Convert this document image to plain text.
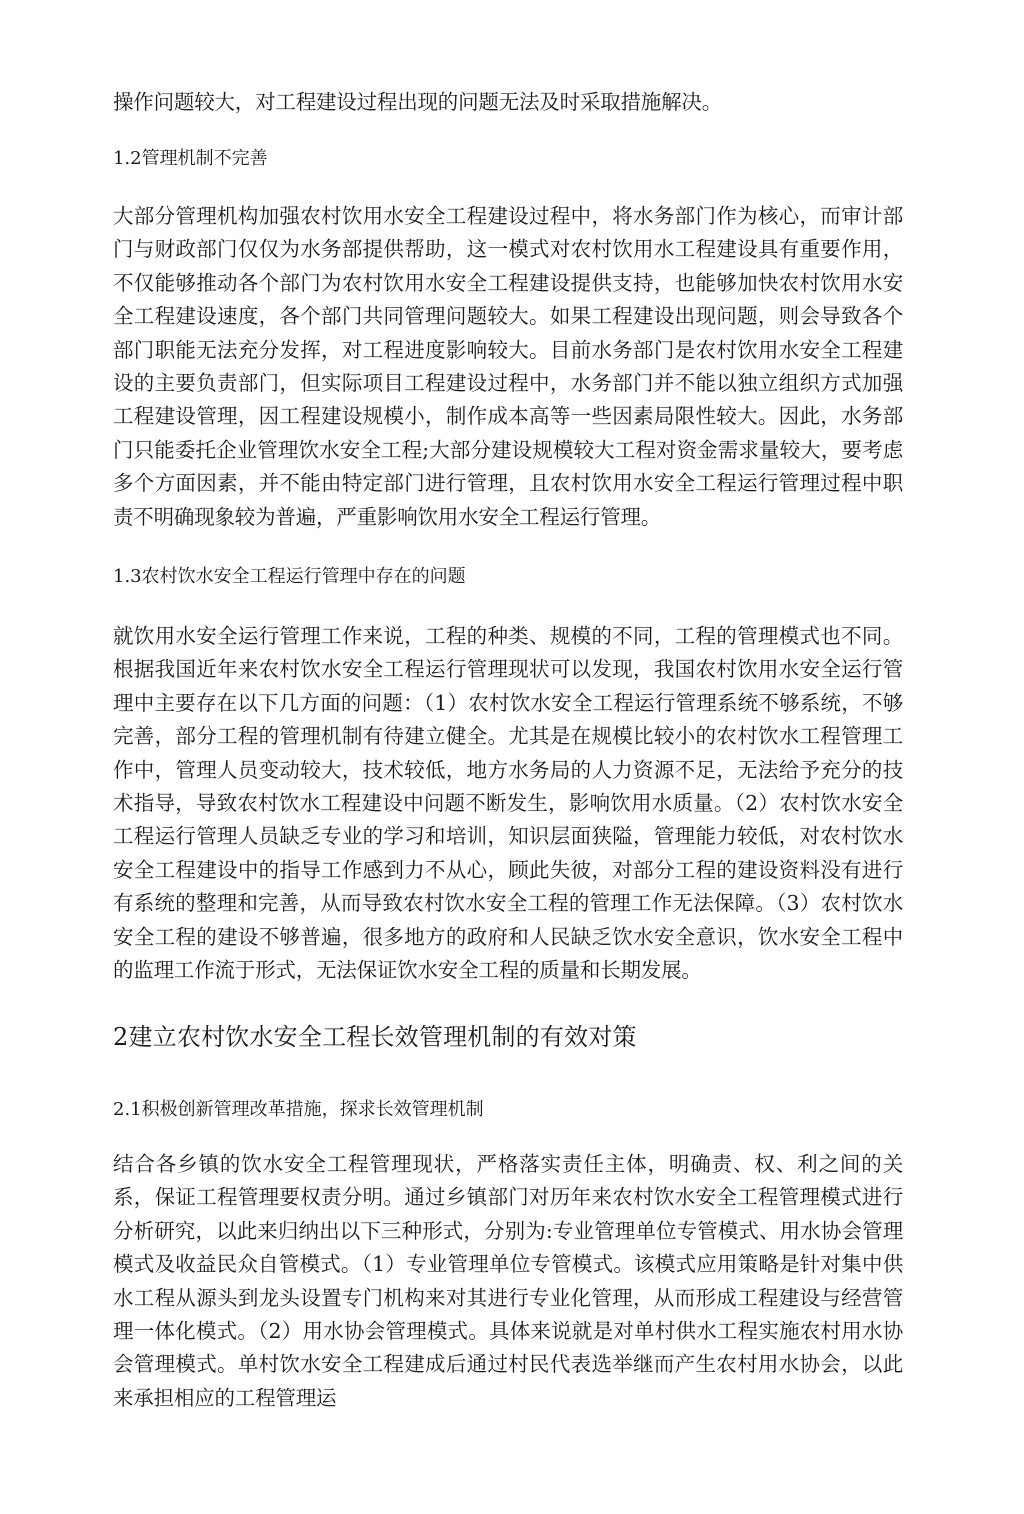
操作问题较大，对工程建设过程出现的问题无法及时采取措施解决。
1.2管理机制不完善
大部分管理机构加强农村饮用水安全工程建设过程中，将水务部门作为核心，而审计部门与财政部门仅仅为水务部提供帮助，这一模式对农村饮用水工程建设具有重要作用，不仅能够推动各个部门为农村饮用水安全工程建设提供支持，也能够加快农村饮用水安全工程建设速度，各个部门共同管理问题较大。如果工程建设出现问题，则会导致各个部门职能无法充分发挥，对工程进度影响较大。目前水务部门是农村饮用水安全工程建设的主要负责部门，但实际项目工程建设过程中，水务部门并不能以独立组织方式加强工程建设管理，因工程建设规模小，制作成本高等一些因素局限性较大。因此，水务部门只能委托企业管理饮水安全工程;大部分建设规模较大工程对资金需求量较大，要考虑多个方面因素，并不能由特定部门进行管理，且农村饮用水安全工程运行管理过程中职责不明确现象较为普遍，严重影响饮用水安全工程运行管理。
1.3农村饮水安全工程运行管理中存在的问题
就饮用水安全运行管理工作来说，工程的种类、规模的不同，工程的管理模式也不同。根据我国近年来农村饮水安全工程运行管理现状可以发现，我国农村饮用水安全运行管理中主要存在以下几方面的问题：（1）农村饮水安全工程运行管理系统不够系统，不够完善，部分工程的管理机制有待建立健全。尤其是在规模比较小的农村饮水工程管理工作中，管理人员变动较大，技术较低，地方水务局的人力资源不足，无法给予充分的技术指导，导致农村饮水工程建设中问题不断发生，影响饮用水质量。（2）农村饮水安全工程运行管理人员缺乏专业的学习和培训，知识层面狭隘，管理能力较低，对农村饮水安全工程建设中的指导工作感到力不从心，顾此失彼，对部分工程的建设资料没有进行有系统的整理和完善，从而导致农村饮水安全工程的管理工作无法保障。（3）农村饮水安全工程的建设不够普遍，很多地方的政府和人民缺乏饮水安全意识，饮水安全工程中的监理工作流于形式，无法保证饮水安全工程的质量和长期发展。
2建立农村饮水安全工程长效管理机制的有效对策
2.1积极创新管理改革措施，探求长效管理机制
结合各乡镇的饮水安全工程管理现状，严格落实责任主体，明确责、权、利之间的关系，保证工程管理要权责分明。通过乡镇部门对历年来农村饮水安全工程管理模式进行分析研究，以此来归纳出以下三种形式，分别为:专业管理单位专管模式、用水协会管理模式及收益民众自管模式。（1）专业管理单位专管模式。该模式应用策略是针对集中供水工程从源头到龙头设置专门机构来对其进行专业化管理，从而形成工程建设与经营管理一体化模式。（2）用水协会管理模式。具体来说就是对单村供水工程实施农村用水协会管理模式。单村饮水安全工程建成后通过村民代表选举继而产生农村用水协会，以此来承担相应的工程管理运
